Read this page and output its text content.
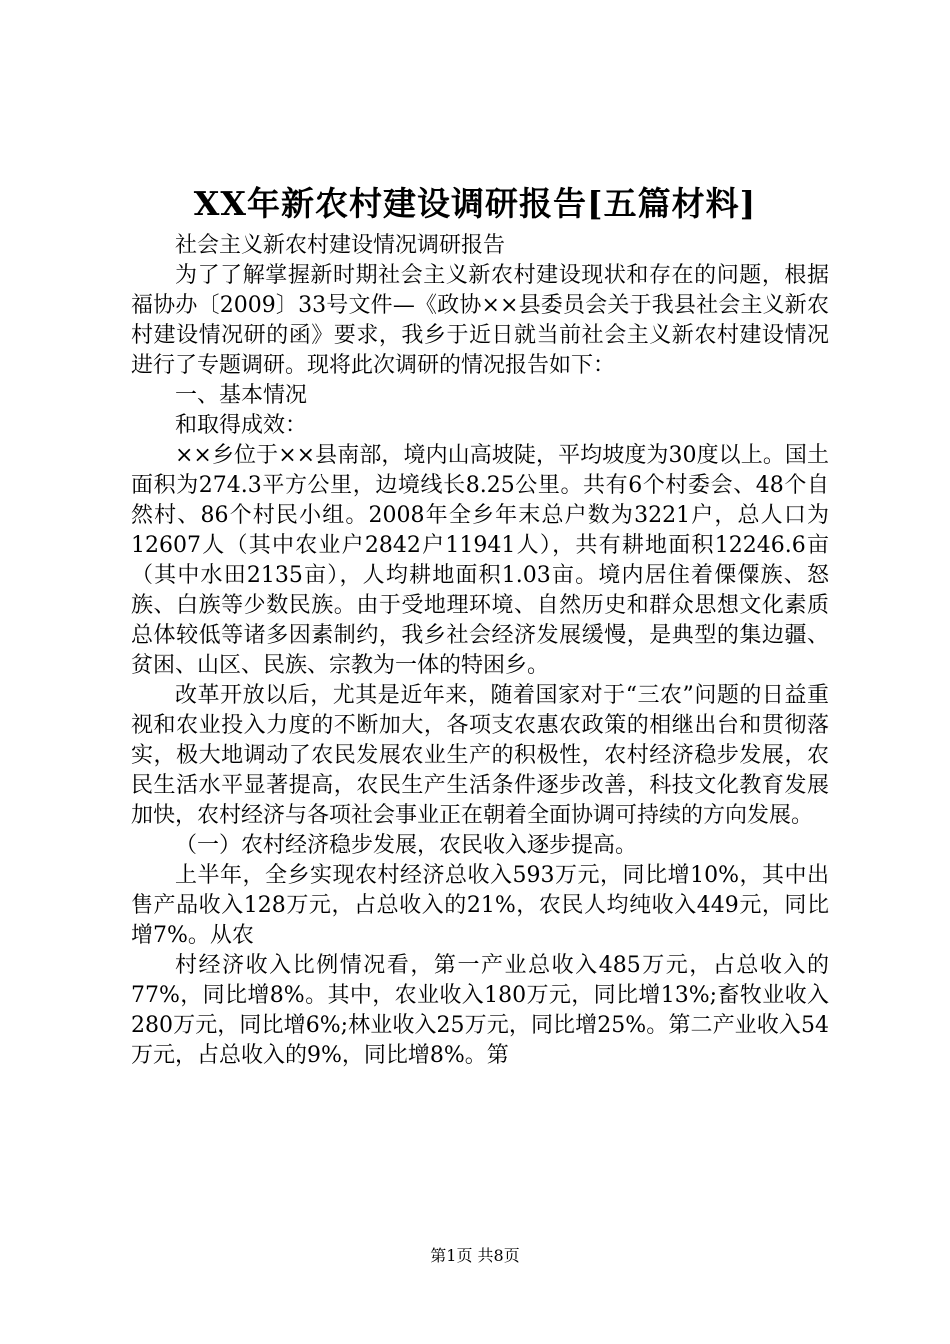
XX年新农村建设调研报告[五篇材料]

社会主义新农村建设情况调研报告

为了了解掌握新时期社会主义新农村建设现状和存在的问题，根据福协办〔2009〕33号文件—《政协××县委员会关于我县社会主义新农村建设情况研的函》要求，我乡于近日就当前社会主义新农村建设情况进行了专题调研。现将此次调研的情况报告如下：

一、基本情况

和取得成效：

××乡位于××县南部，境内山高坡陡，平均坡度为30度以上。国土面积为274.3平方公里，边境线长8.25公里。共有6个村委会、48个自然村、86个村民小组。2008年全乡年末总户数为3221户，总人口为12607人（其中农业户2842户11941人），共有耕地面积12246.6亩（其中水田2135亩），人均耕地面积1.03亩。境内居住着傈僳族、怒族、白族等少数民族。由于受地理环境、自然历史和群众思想文化素质总体较低等诸多因素制约，我乡社会经济发展缓慢，是典型的集边疆、贫困、山区、民族、宗教为一体的特困乡。

改革开放以后，尤其是近年来，随着国家对于“三农”问题的日益重视和农业投入力度的不断加大，各项支农惠农政策的相继出台和贯彻落实，极大地调动了农民发展农业生产的积极性，农村经济稳步发展，农民生活水平显著提高，农民生产生活条件逐步改善，科技文化教育发展加快，农村经济与各项社会事业正在朝着全面协调可持续的方向发展。

（一）农村经济稳步发展，农民收入逐步提高。

上半年，全乡实现农村经济总收入593万元，同比增10%，其中出售产品收入128万元，占总收入的21%，农民人均纯收入449元，同比增7%。从农

村经济收入比例情况看，第一产业总收入485万元，占总收入的77%，同比增8%。其中，农业收入180万元，同比增13%;畜牧业收入280万元，同比增6%;林业收入25万元，同比增25%。第二产业收入54万元，占总收入的9%，同比增8%。第

第1页 共8页
